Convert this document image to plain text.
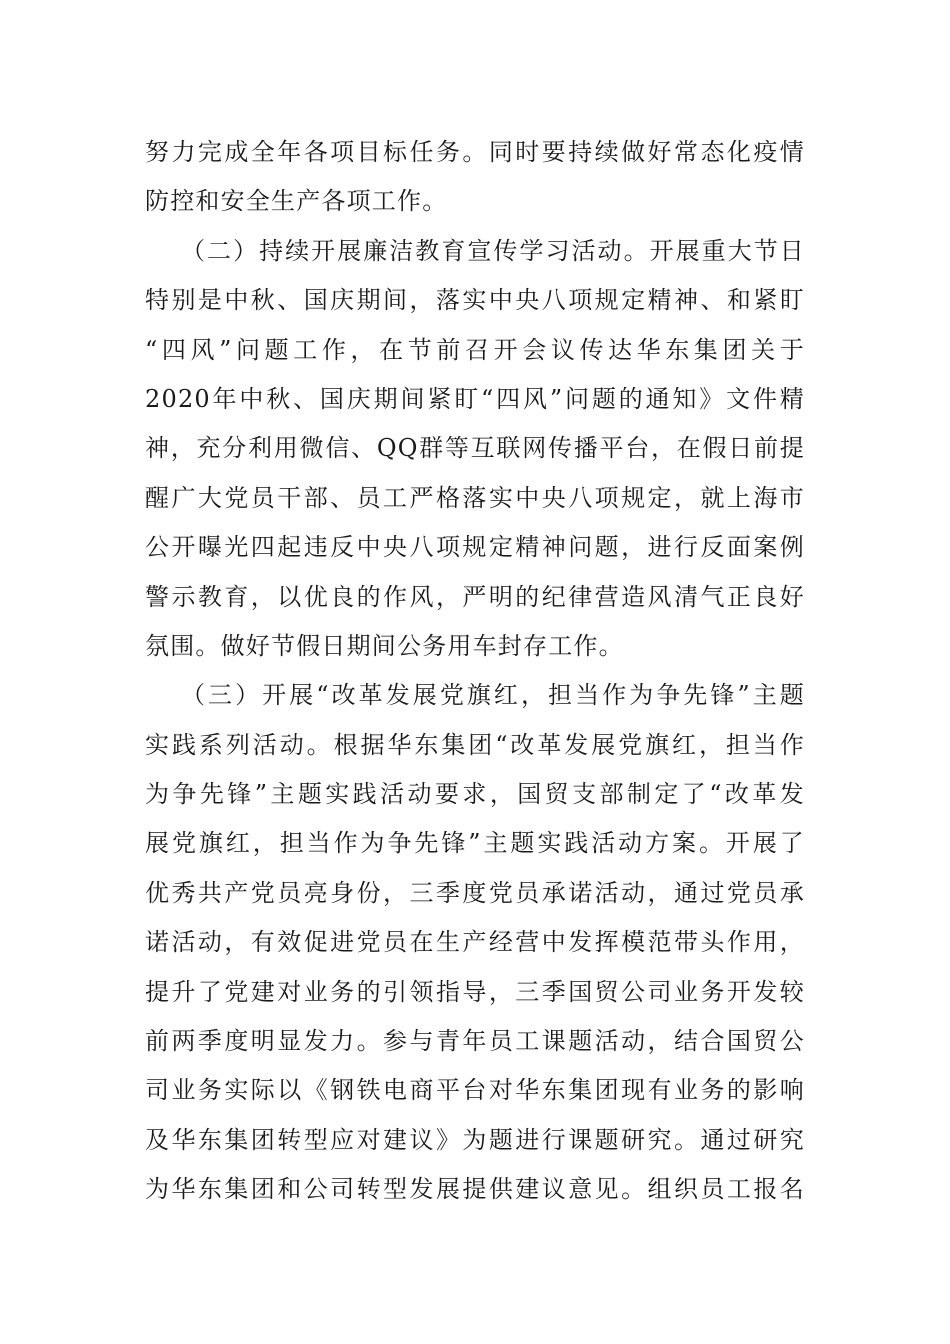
努力完成全年各项目标任务。同时要持续做好常态化疫情
防控和安全生产各项工作。
（二）持续开展廉洁教育宣传学习活动。开展重大节日
特别是中秋、国庆期间，落实中央八项规定精神、和紧盯
“四风”问题工作，在节前召开会议传达华东集团关于
2020年中秋、国庆期间紧盯“四风”问题的通知》文件精
神，充分利用微信、QQ群等互联网传播平台，在假日前提
醒广大党员干部、员工严格落实中央八项规定，就上海市
公开曝光四起违反中央八项规定精神问题，进行反面案例
警示教育，以优良的作风，严明的纪律营造风清气正良好
氛围。做好节假日期间公务用车封存工作。
（三）开展“改革发展党旗红，担当作为争先锋”主题
实践系列活动。根据华东集团“改革发展党旗红，担当作
为争先锋”主题实践活动要求，国贸支部制定了“改革发
展党旗红，担当作为争先锋”主题实践活动方案。开展了
优秀共产党员亮身份，三季度党员承诺活动，通过党员承
诺活动，有效促进党员在生产经营中发挥模范带头作用，
提升了党建对业务的引领指导，三季国贸公司业务开发较
前两季度明显发力。参与青年员工课题活动，结合国贸公
司业务实际以《钢铁电商平台对华东集团现有业务的影响
及华东集团转型应对建议》为题进行课题研究。通过研究
为华东集团和公司转型发展提供建议意见。组织员工报名
